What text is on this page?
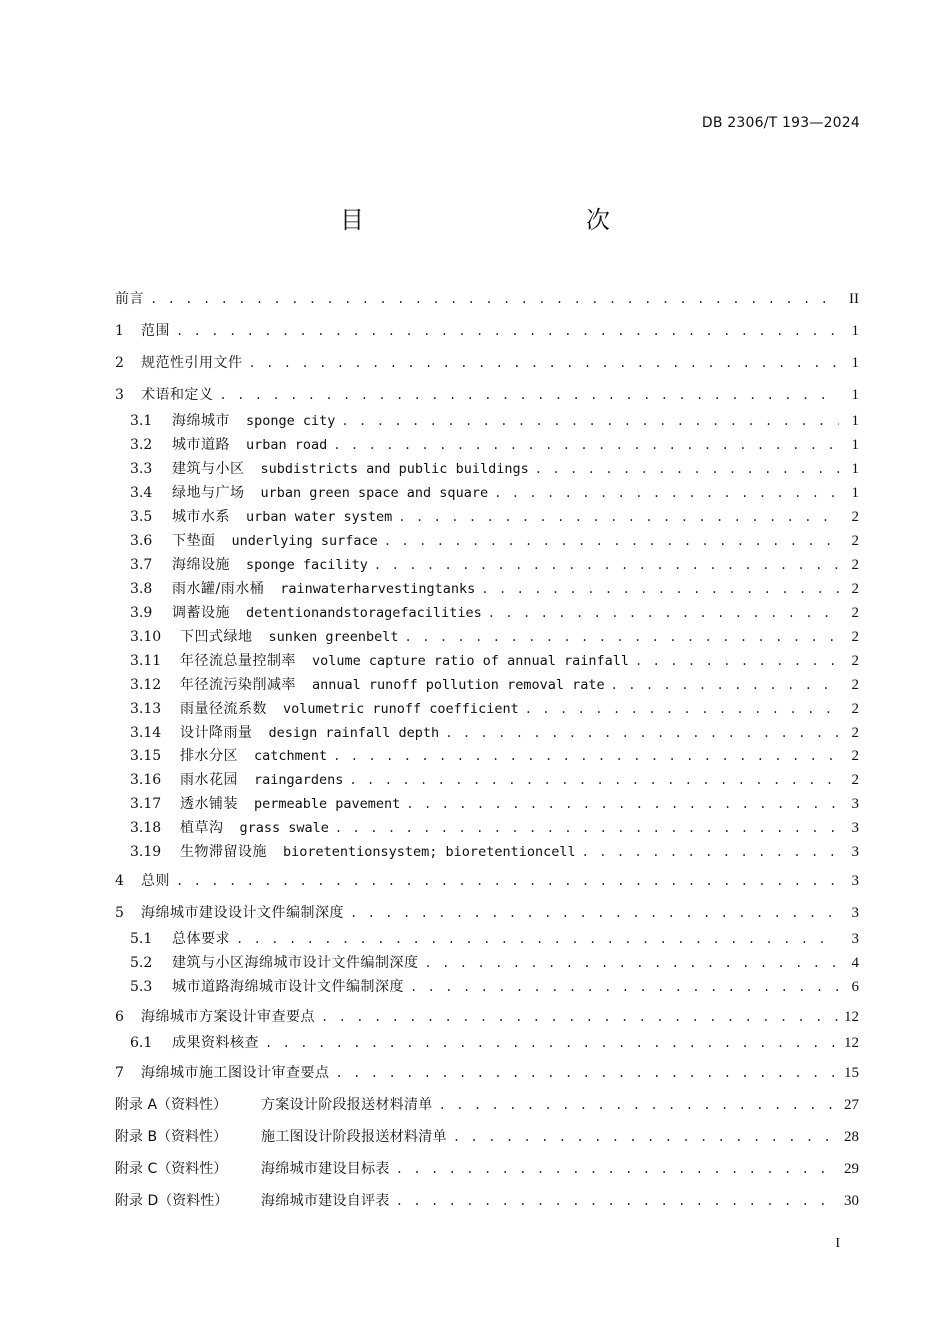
DB 2306/T 193—2024
目　　次
前言 . . .	II
1	范围 . . .	1
2	规范性引用文件 . . .	1
3	术语和定义 . . .	1
3.1	海绵城市 sponge city . . .	1
3.2	城市道路 urban road . . .	1
3.3	建筑与小区 subdistricts and public buildings . . .	1
3.4	绿地与广场 urban green space and square . . .	1
3.5	城市水系 urban water system . . .	2
3.6	下垫面 underlying surface . . .	2
3.7	海绵设施 sponge facility . . .	2
3.8	雨水罐/雨水桶 rainwaterharvestingtanks . . .	2
3.9	调蓄设施 detentionandstoragefacilities . . .	2
3.10	下凹式绿地 sunken greenbelt . . .	2
3.11	年径流总量控制率 volume capture ratio of annual rainfall . . .	2
3.12	年径流污染削减率 annual runoff pollution removal rate . . .	2
3.13	雨量径流系数 volumetric runoff coefficient . . .	2
3.14	设计降雨量 design rainfall depth . . .	2
3.15	排水分区 catchment . . .	2
3.16	雨水花园 raingardens . . .	2
3.17	透水铺装 permeable pavement . . .	3
3.18	植草沟 grass swale . . .	3
3.19	生物滞留设施 bioretentionsystem; bioretentioncell . . .	3
4	总则 . . .	3
5	海绵城市建设设计文件编制深度 . . .	3
5.1	总体要求 . . .	3
5.2	建筑与小区海绵城市设计文件编制深度 . . .	4
5.3	城市道路海绵城市设计文件编制深度 . . .	6
6	海绵城市方案设计审查要点 . . .	12
6.1	成果资料核查 . . .	12
7	海绵城市施工图设计审查要点 . . .	15
附录 A（资料性）	方案设计阶段报送材料清单 . . .	27
附录 B（资料性）	施工图设计阶段报送材料清单 . . .	28
附录 C（资料性）	海绵城市建设目标表 . . .	29
附录 D（资料性）	海绵城市建设自评表 . . .	30
I
